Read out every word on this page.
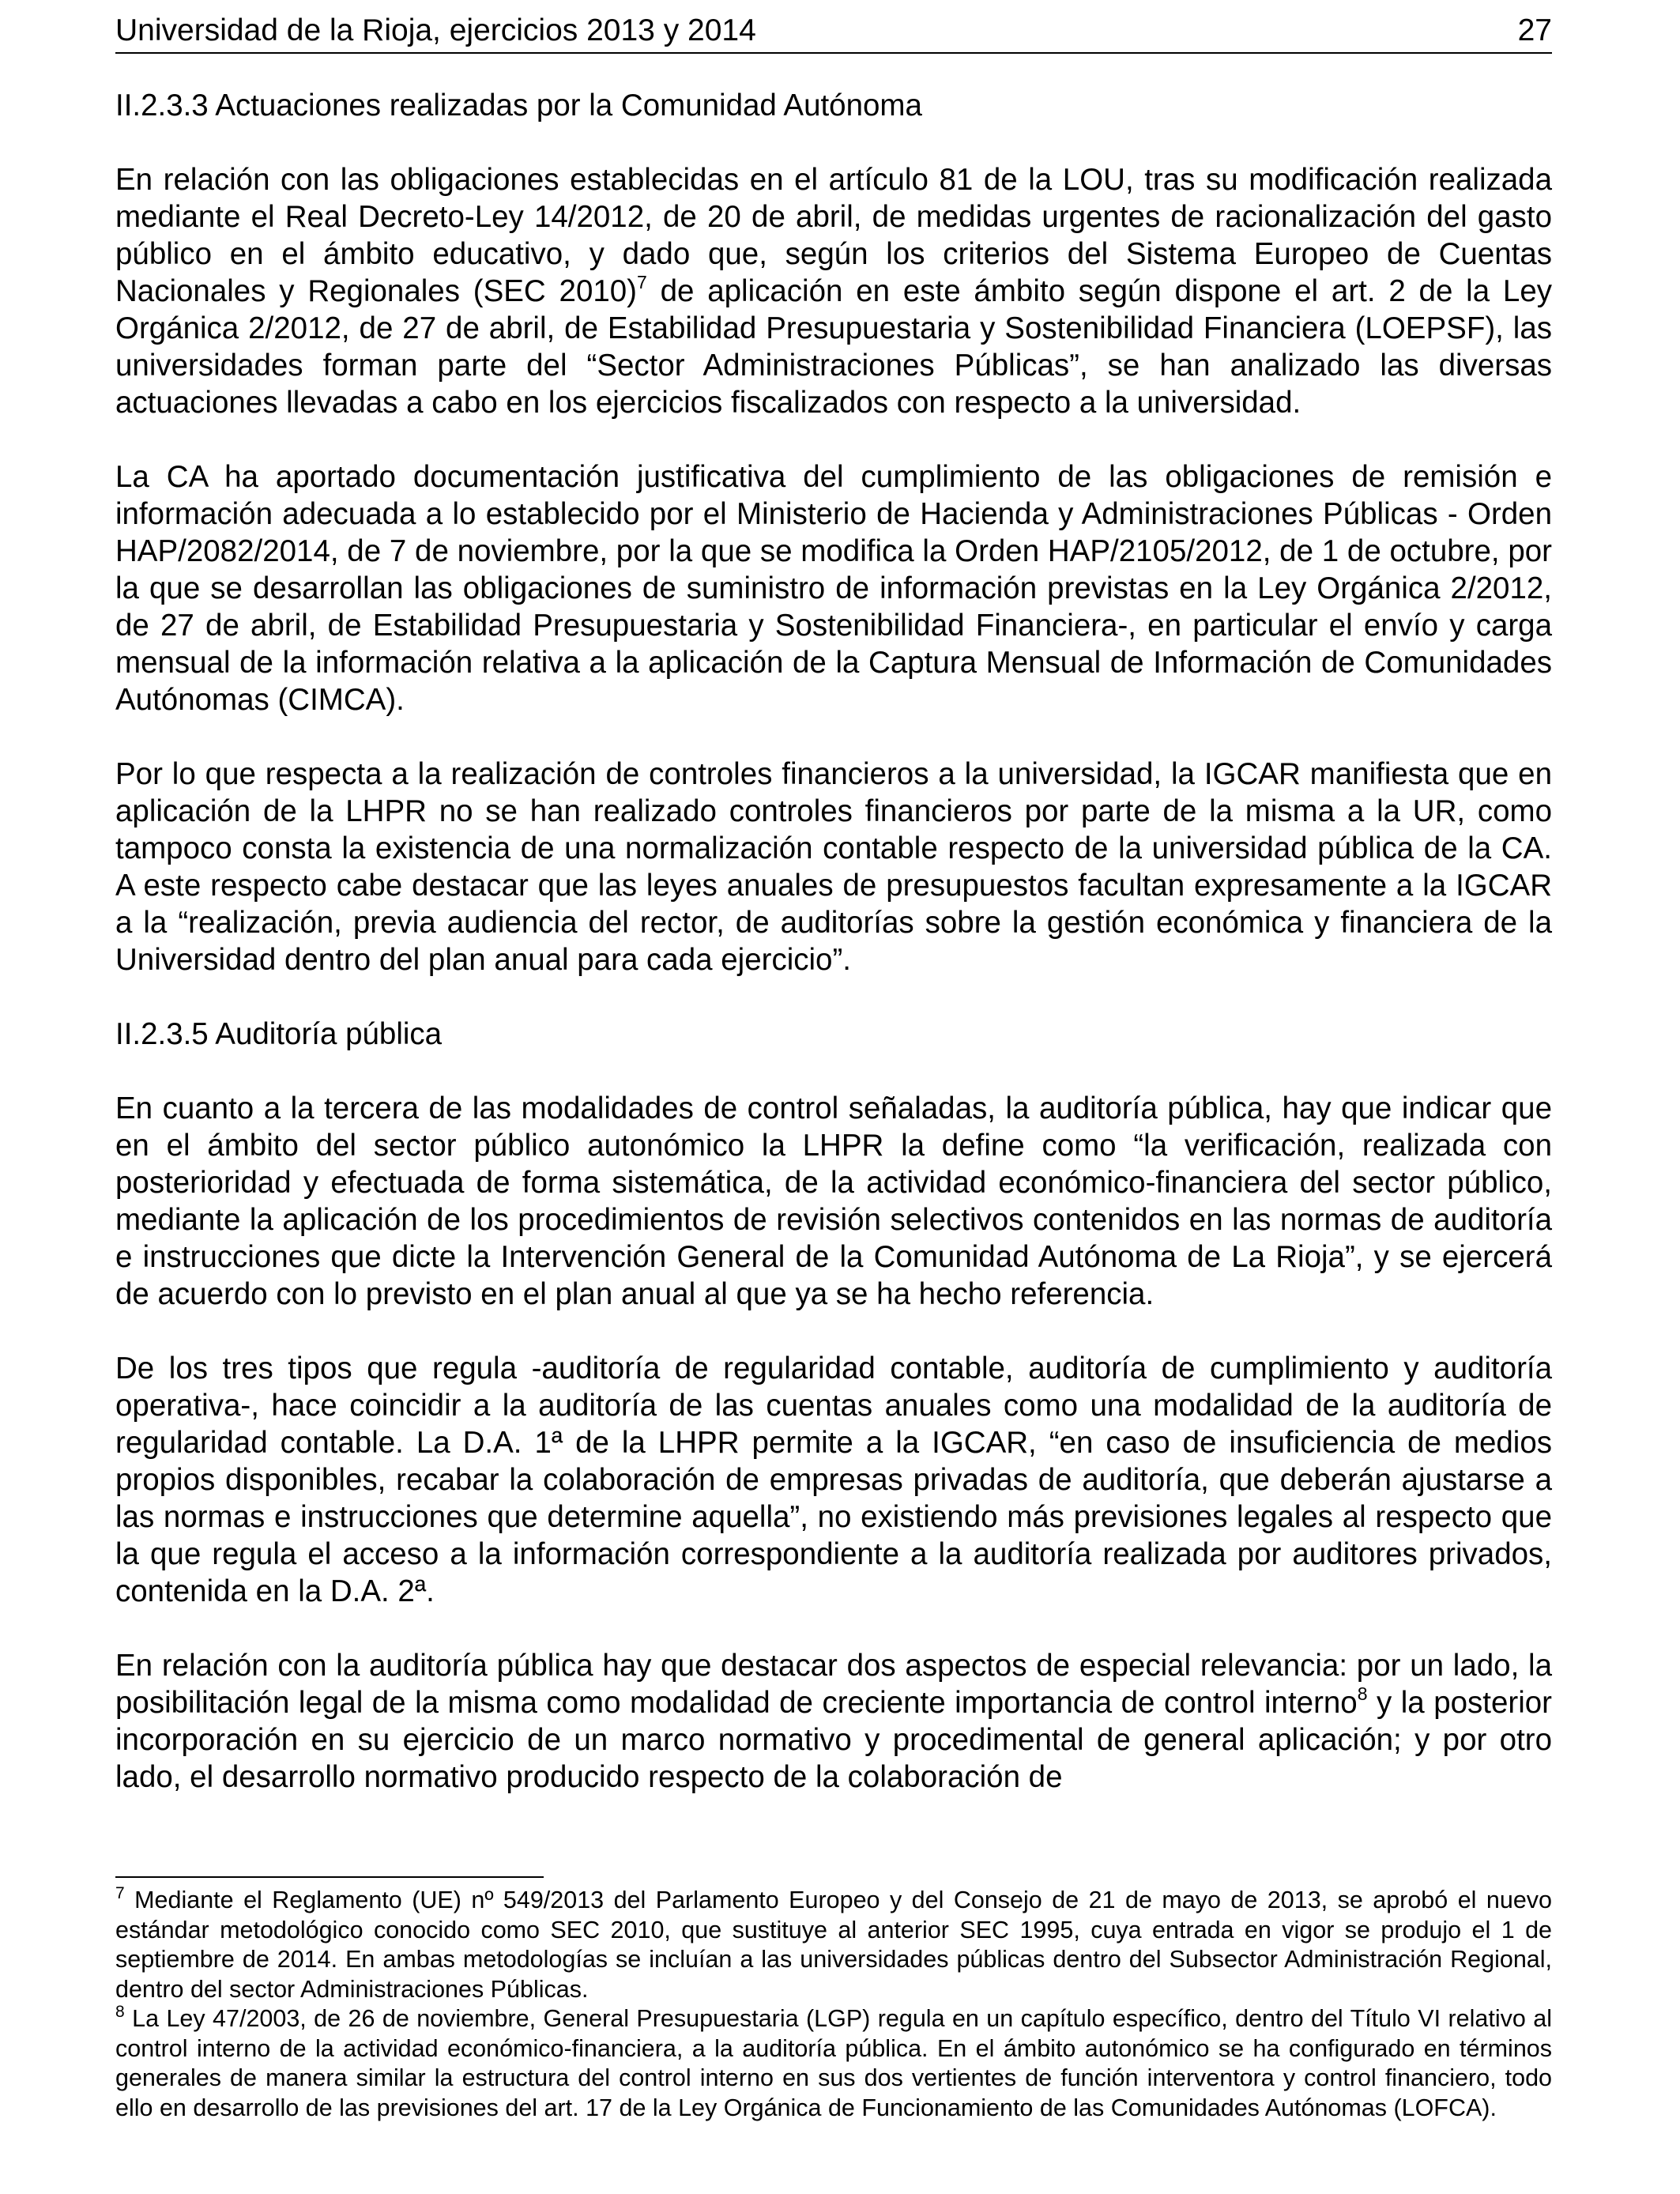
Universidad de la Rioja, ejercicios 2013 y 2014	27

II.2.3.3 Actuaciones realizadas por la Comunidad Autónoma

En relación con las obligaciones establecidas en el artículo 81 de la LOU, tras su modificación realizada mediante el Real Decreto-Ley 14/2012, de 20 de abril, de medidas urgentes de racionalización del gasto público en el ámbito educativo, y dado que, según los criterios del Sistema Europeo de Cuentas Nacionales y Regionales (SEC 2010)$^7$ de aplicación en este ámbito según dispone el art. 2 de la Ley Orgánica 2/2012, de 27 de abril, de Estabilidad Presupuestaria y Sostenibilidad Financiera (LOEPSF), las universidades forman parte del “Sector Administraciones Públicas”, se han analizado las diversas actuaciones llevadas a cabo en los ejercicios fiscalizados con respecto a la universidad.

La CA ha aportado documentación justificativa del cumplimiento de las obligaciones de remisión e información adecuada a lo establecido por el Ministerio de Hacienda y Administraciones Públicas - Orden HAP/2082/2014, de 7 de noviembre, por la que se modifica la Orden HAP/2105/2012, de 1 de octubre, por la que se desarrollan las obligaciones de suministro de información previstas en la Ley Orgánica 2/2012, de 27 de abril, de Estabilidad Presupuestaria y Sostenibilidad Financiera-, en particular el envío y carga mensual de la información relativa a la aplicación de la Captura Mensual de Información de Comunidades Autónomas (CIMCA).

Por lo que respecta a la realización de controles financieros a la universidad, la IGCAR manifiesta que en aplicación de la LHPR no se han realizado controles financieros por parte de la misma a la UR, como tampoco consta la existencia de una normalización contable respecto de la universidad pública de la CA. A este respecto cabe destacar que las leyes anuales de presupuestos facultan expresamente a la IGCAR a la “realización, previa audiencia del rector, de auditorías sobre la gestión económica y financiera de la Universidad dentro del plan anual para cada ejercicio”.

II.2.3.5 Auditoría pública

En cuanto a la tercera de las modalidades de control señaladas, la auditoría pública, hay que indicar que en el ámbito del sector público autonómico la LHPR la define como “la verificación, realizada con posterioridad y efectuada de forma sistemática, de la actividad económico-financiera del sector público, mediante la aplicación de los procedimientos de revisión selectivos contenidos en las normas de auditoría e instrucciones que dicte la Intervención General de la Comunidad Autónoma de La Rioja”, y se ejercerá de acuerdo con lo previsto en el plan anual al que ya se ha hecho referencia.

De los tres tipos que regula -auditoría de regularidad contable, auditoría de cumplimiento y auditoría operativa-, hace coincidir a la auditoría de las cuentas anuales como una modalidad de la auditoría de regularidad contable. La D.A. 1ª de la LHPR permite a la IGCAR, “en caso de insuficiencia de medios propios disponibles, recabar la colaboración de empresas privadas de auditoría, que deberán ajustarse a las normas e instrucciones que determine aquella”, no existiendo más previsiones legales al respecto que la que regula el acceso a la información correspondiente a la auditoría realizada por auditores privados, contenida en la D.A. 2ª.

En relación con la auditoría pública hay que destacar dos aspectos de especial relevancia: por un lado, la posibilitación legal de la misma como modalidad de creciente importancia de control interno$^8$ y la posterior incorporación en su ejercicio de un marco normativo y procedimental de general aplicación; y por otro lado, el desarrollo normativo producido respecto de la colaboración de

$^7$ Mediante el Reglamento (UE) nº 549/2013 del Parlamento Europeo y del Consejo de 21 de mayo de 2013, se aprobó el nuevo estándar metodológico conocido como SEC 2010, que sustituye al anterior SEC 1995, cuya entrada en vigor se produjo el 1 de septiembre de 2014. En ambas metodologías se incluían a las universidades públicas dentro del Subsector Administración Regional, dentro del sector Administraciones Públicas.

$^8$ La Ley 47/2003, de 26 de noviembre, General Presupuestaria (LGP) regula en un capítulo específico, dentro del Título VI relativo al control interno de la actividad económico-financiera, a la auditoría pública. En el ámbito autonómico se ha configurado en términos generales de manera similar la estructura del control interno en sus dos vertientes de función interventora y control financiero, todo ello en desarrollo de las previsiones del art. 17 de la Ley Orgánica de Funcionamiento de las Comunidades Autónomas (LOFCA).
